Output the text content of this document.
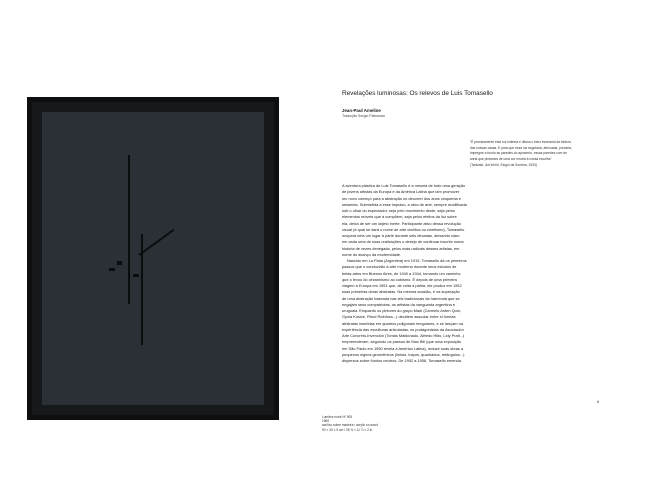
Lumière noire Nº 905
1960
acrílico sobre madeira / acrylic on wood
90 × 30 × 5 cm / 35 ⅜ × 11 ⅞ × 2 in
Revelações luminosas: Os relevos de Luis Tomasello
Jean-Paul Ameline
Tradução Sergio Flaksman

"É precisamente esta luz indireta e difusa o fator essencial da beleza

das nossas casas. E para que essa luz esgotada, atenuada, precária,

impregne a fundo as paredes do aposento, essas paredes com de

areia que pintamos de uma cor neutra à nossa escolha"

(Tanizaki, Jun'ichirō, Elogio da Sombra, 1933)

A aventura plástica de Luis Tomasello é a mesma de todo uma geração

de jovens artistas da Europa e da América Latina que iam promover

um novo começo para a abstração no decorrer dos anos cinquenta e

sessenta. Submetida a esse impulso, a obra de arte, sempre modificada

sob o olhar do espectador, seja pelo movimento deste, seja pelos

elementos móveis que a compõem, seja pelos efeitos da luz sobre

ela, deixa de ser um objeto inerte. Participante ativo dessa revolução

visual (à qual se dará o nome de arte cinética ou cinetismo), Tomasello

ocupará nela um lugar à parte durante seis décadas, deixando claro

em cada uma de suas realizações o desejo de continuar inscrito numa

história de vezes denegada, pelos mais radicais desses artistas, em

nome do avanço da modernidade.

Nascido em La Plata (Argentina) em 1915, Tomasello dá os primeiros

passos que o conduzirão à arte moderna durante seus estudos de

belas-artes em Buenos Aires, de 1940 a 1944, tomando um caminho

que o levou do cézannismo ao cubismo. É depois de uma primeira

viagem à Europa em 1951 que, de volta à pátria, ele produz em 1952

suas primeiras obras abstratas. Na mesma ocasião, é na superação

de uma abstração baseada nas leis tradicionais da harmonia que se

engajam seus compatriotas, os artistas da vanguarda argentina e

uruguaia. Enquanto os pintores do grupo Madí (Carmelo Arden Quin,

Gyula Kosice, Rhod Rothfuss...) decidem associar entre si formas

abstratas inseridas em quadros poligonais irregulares, e se lançam na

experiência das esculturas articuladas, os protagonistas da Asociación

Arte Concreto-Invención (Tomás Maldonado, Alfredo Hlito, Lidy Prati...)

empreenderam, seguindo os passos de Max Bill (que uma exposição

em São Paulo em 1950 revela à América Latina), reduzir suas obras a

pequenos signos geométricos (linhas, traços, quadrados, retângulos...)

dispersos sobre fundos neutros. De 1952 a 1956, Tomasello emenda

8
